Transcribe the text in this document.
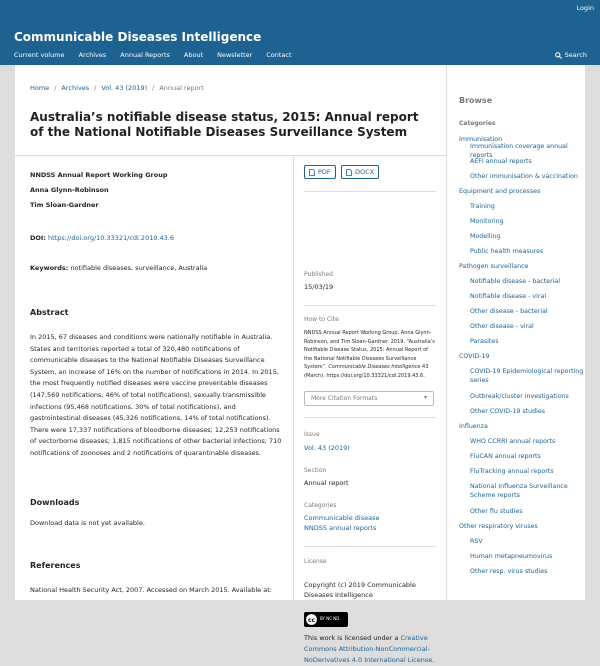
Login
Communicable Diseases Intelligence
Current volume Archives Annual Reports About Newsletter Contact	Search
Home / Archives / Vol. 43 (2019) / Annual report
Australia’s notifiable disease status, 2015: Annual report of the National Notifiable Diseases Surveillance System
NNDSS Annual Report Working Group
Anna Glynn-Robinson
Tim Sloan-Gardner
DOI: https://doi.org/10.33321/cdi.2019.43.6
Keywords: notifiable diseases, surveillance, Australia
Abstract
In 2015, 67 diseases and conditions were nationally notifiable in Australia. States and territories reported a total of 320,480 notifications of communicable diseases to the National Notifiable Diseases Surveillance System, an increase of 16% on the number of notifications in 2014. In 2015, the most frequently notified diseases were vaccine preventable diseases (147,569 notifications, 46% of total notifications), sexually transmissible infections (95,468 notifications, 30% of total notifications), and gastrointestinal diseases (45,326 notifications, 14% of total notifications). There were 17,337 notifications of bloodborne diseases; 12,253 notifications of vectorborne diseases; 1,815 notifications of other bacterial infections; 710 notifications of zoonoses and 2 notifications of quarantinable diseases.
Downloads
Download data is not yet available.
References
National Health Security Act, 2007. Accessed on March 2015. Available at:
PDF	DOCX
Published
15/03/19
How to Cite
NNDSS Annual Report Working Group, Anna Glynn-Robinson, and Tim Sloan-Gardner. 2019. “Australia’s Notifiable Disease Status, 2015: Annual Report of the National Notifiable Diseases Surveillance System”. Communicable Diseases Intelligence 43 (March). https://doi.org/10.33321/cdi.2019.43.6.
More Citation Formats	▾
Issue
Vol. 43 (2019)
Section
Annual report
Categories
Communicable disease
NNDSS annual reports
License
Copyright (c) 2019 Communicable Diseases Intelligence
cc BY NC ND
This work is licensed under a Creative Commons Attribution-NonCommercial-NoDerivatives 4.0 International License.
Browse
Categories
Immunisation
Immunisation coverage annual reports
AEFI annual reports
Other immunisation & vaccination
Equipment and processes
Training
Monitoring
Modelling
Public health measures
Pathogen surveillance
Notifiable disease - bacterial
Notifiable disease - viral
Other disease - bacterial
Other disease - viral
Parasites
COVID-19
COVID-19 Epidemiological reporting series
Outbreak/cluster investigations
Other COVID-19 studies
Influenza
WHO CCRRI annual reports
FluCAN annual reports
FluTracking annual reports
National Influenza Surveillance Scheme reports
Other flu studies
Other respiratory viruses
RSV
Human metapneumovirus
Other resp. virus studies
